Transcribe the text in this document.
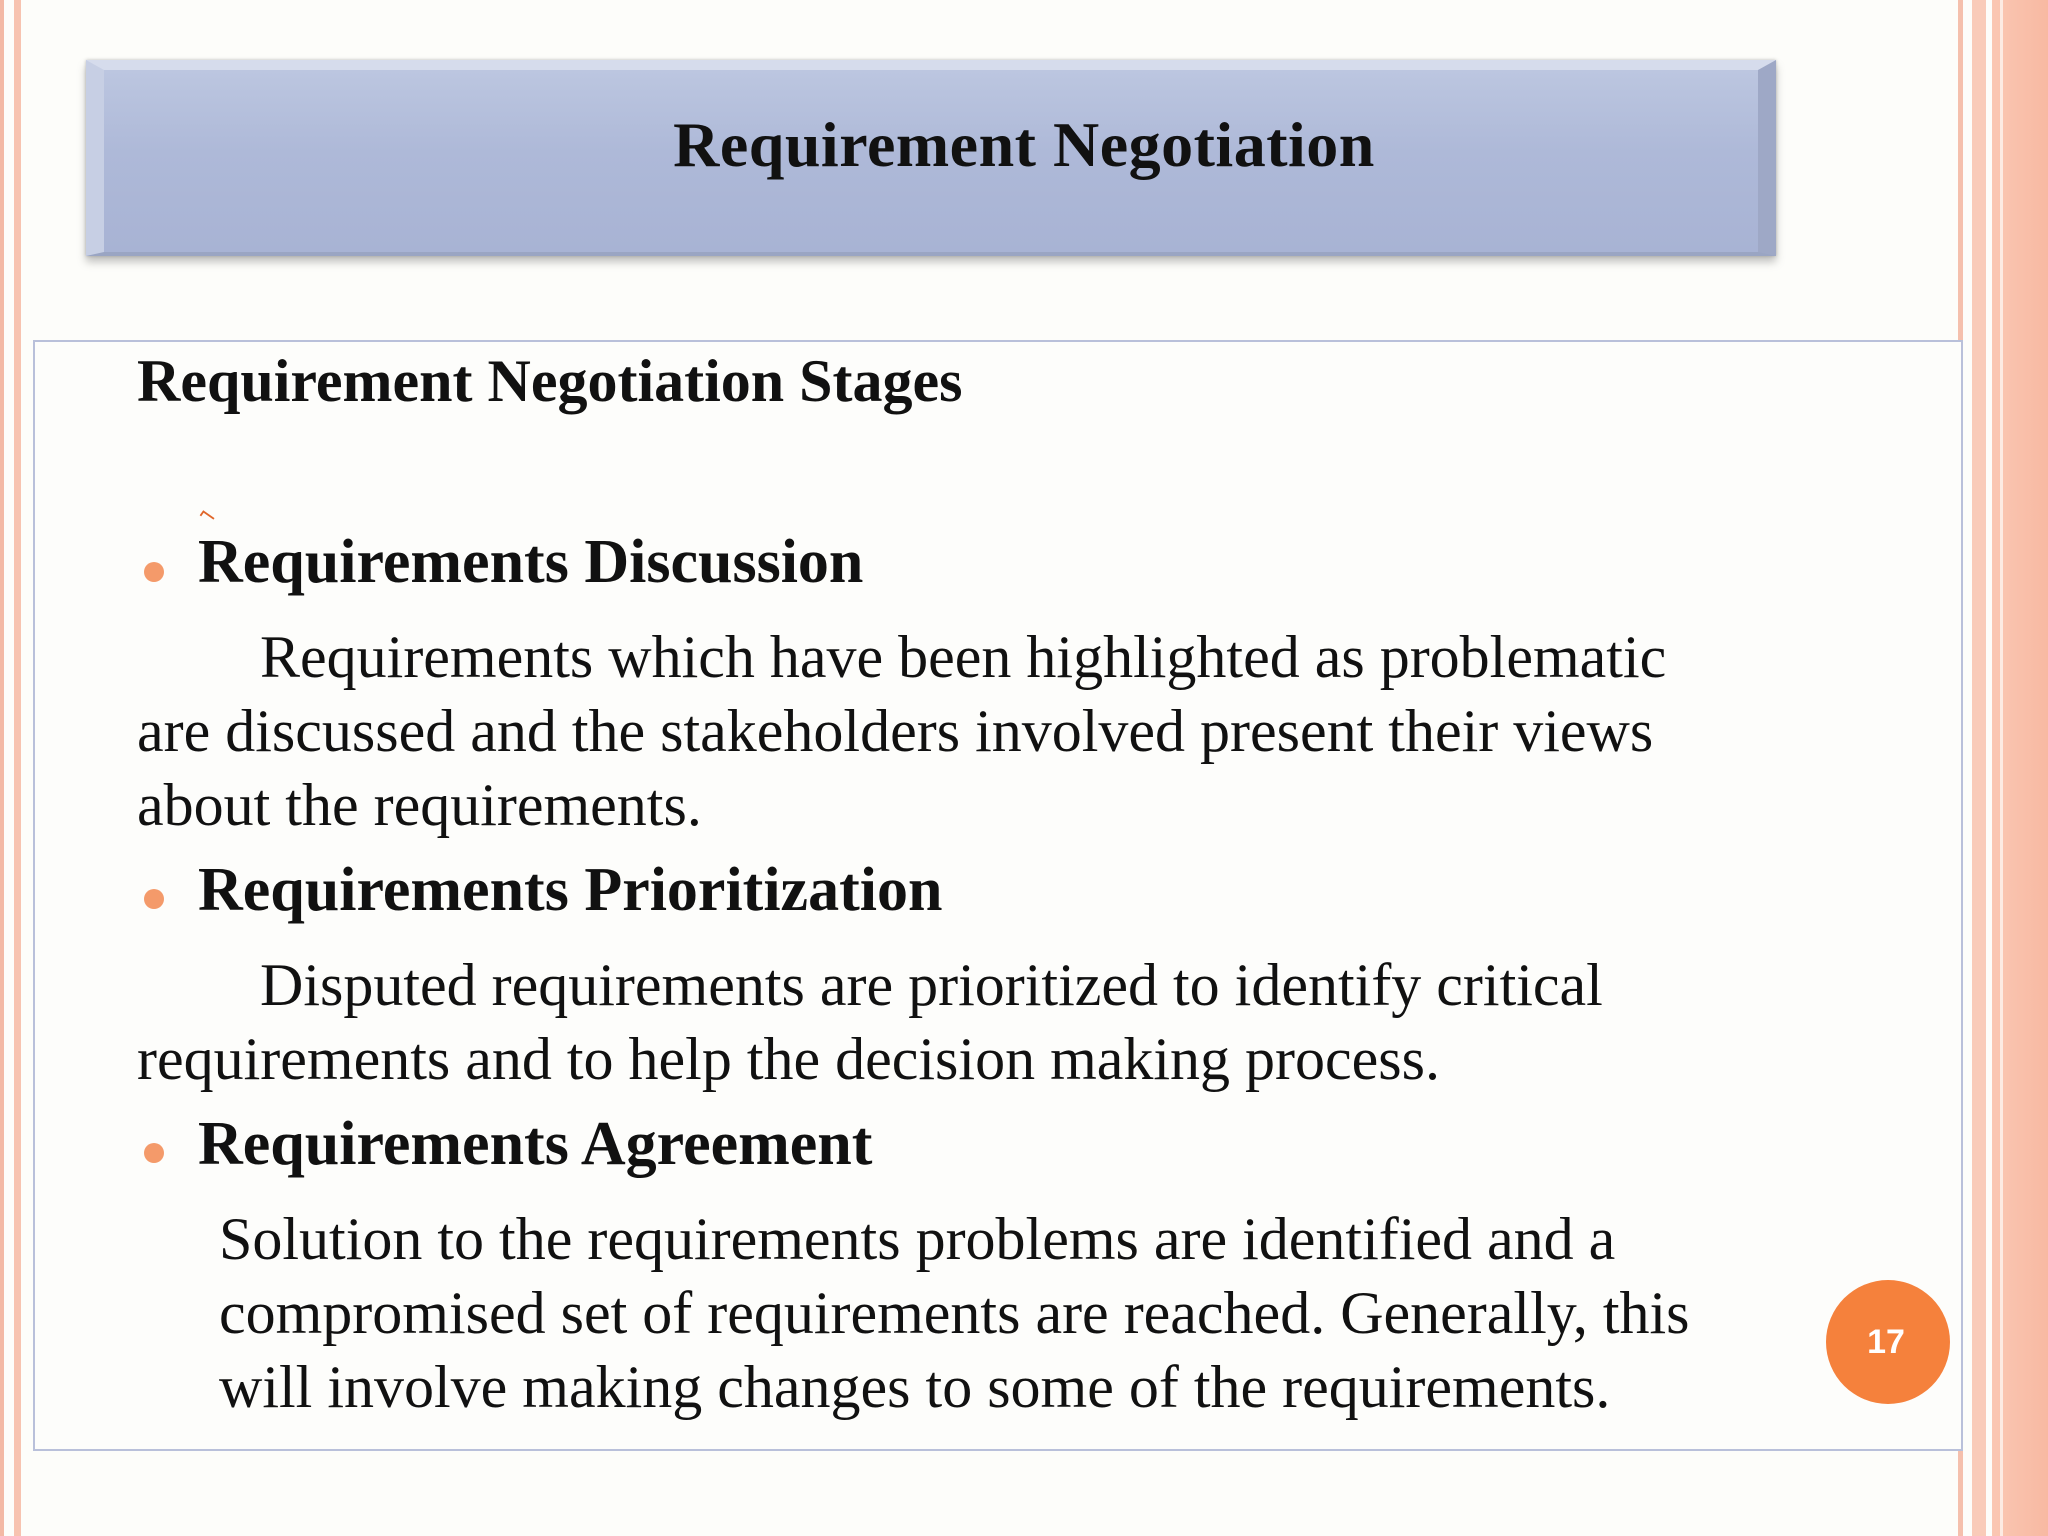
Requirement Negotiation
Requirement Negotiation Stages
⌐
Requirements Discussion
Requirements which have been highlighted as problematic
are discussed and the stakeholders involved present their views
about the requirements.
Requirements Prioritization
Disputed requirements are prioritized to identify critical
requirements and to help the decision making process.
Requirements Agreement
Solution to the requirements problems are identified and a
compromised set of requirements are reached. Generally, this
will involve making changes to some of the requirements.
17
